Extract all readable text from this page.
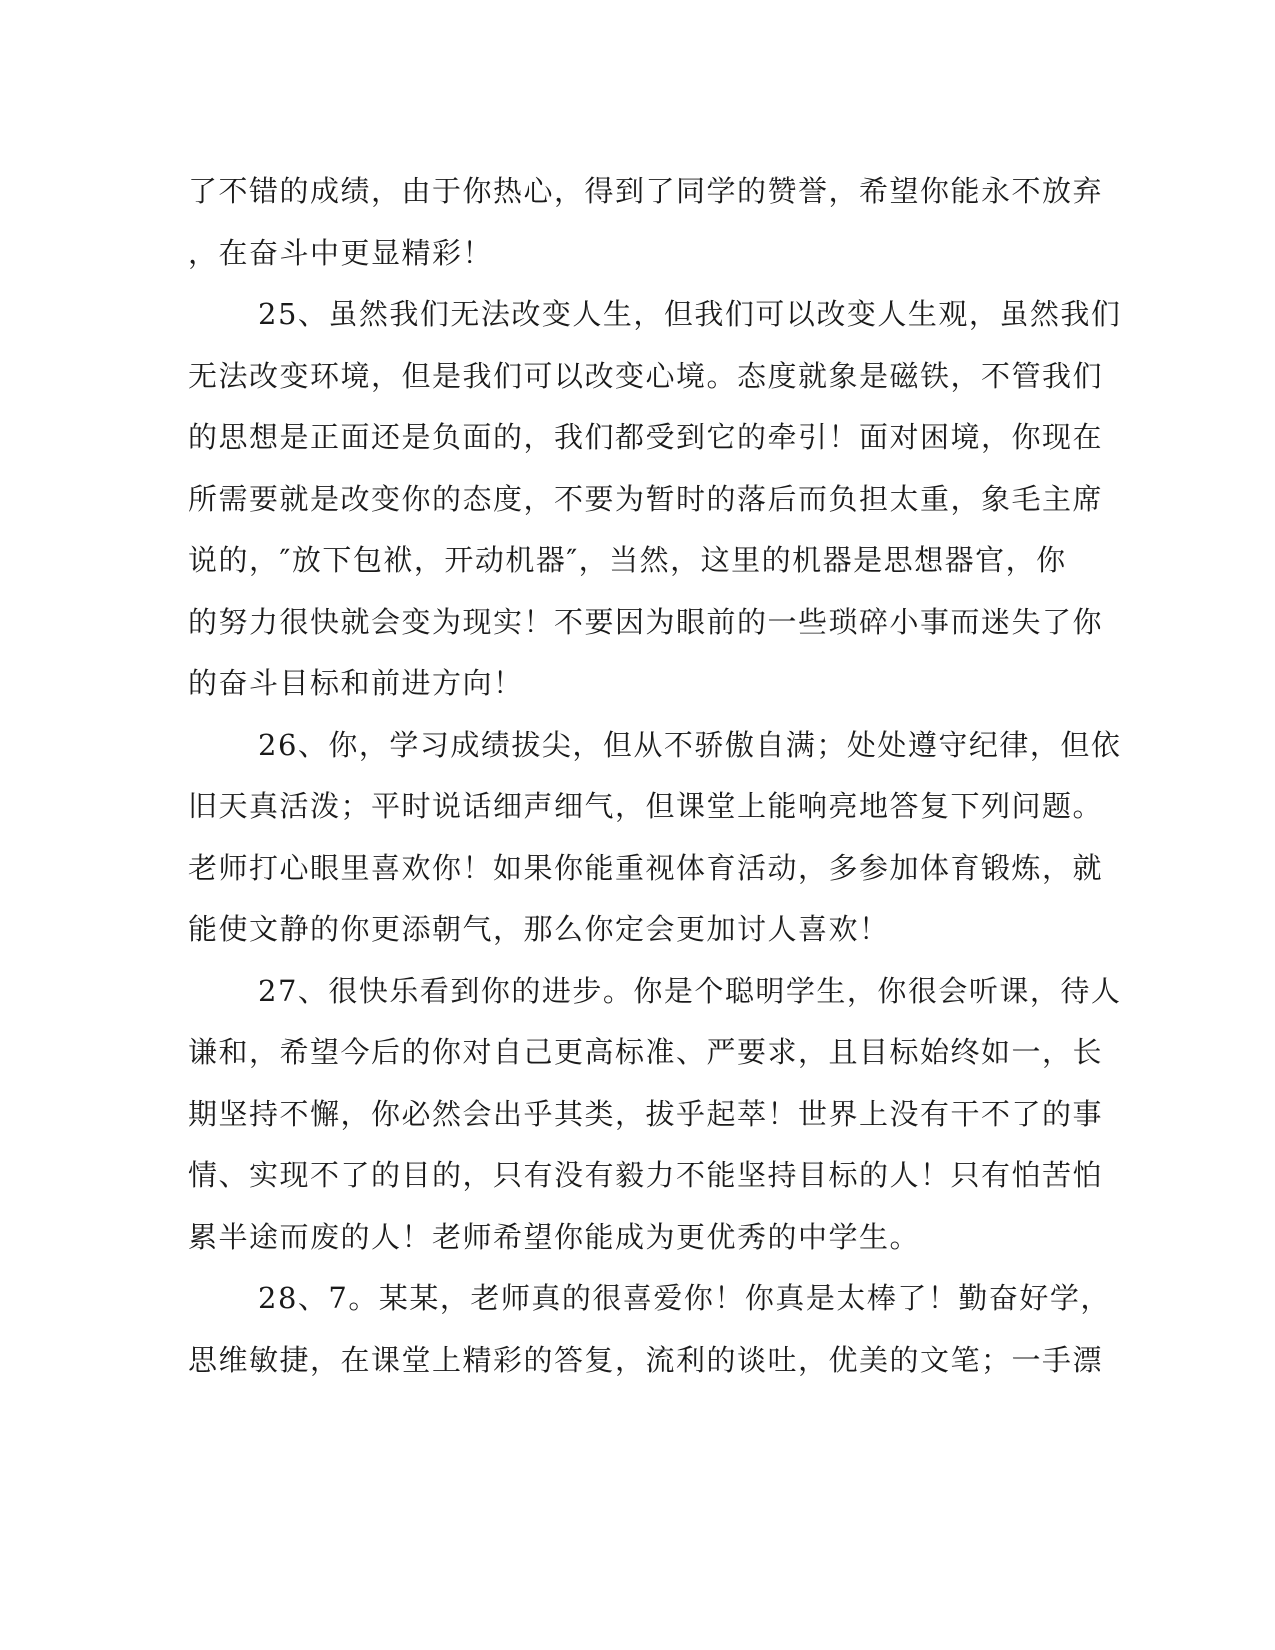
了不错的成绩，由于你热心，得到了同学的赞誉，希望你能永不放弃
，在奋斗中更显精彩！
25、虽然我们无法改变人生，但我们可以改变人生观，虽然我们
无法改变环境，但是我们可以改变心境。态度就象是磁铁，不管我们
的思想是正面还是负面的，我们都受到它的牵引！面对困境，你现在
所需要就是改变你的态度，不要为暂时的落后而负担太重，象毛主席
说的，″放下包袱，开动机器″，当然，这里的机器是思想器官，你
的努力很快就会变为现实！不要因为眼前的一些琐碎小事而迷失了你
的奋斗目标和前进方向！
26、你，学习成绩拔尖，但从不骄傲自满；处处遵守纪律，但依
旧天真活泼；平时说话细声细气，但课堂上能响亮地答复下列问题。
老师打心眼里喜欢你！如果你能重视体育活动，多参加体育锻炼，就
能使文静的你更添朝气，那么你定会更加讨人喜欢！
27、很快乐看到你的进步。你是个聪明学生，你很会听课，待人
谦和，希望今后的你对自己更高标准、严要求，且目标始终如一，长
期坚持不懈，你必然会出乎其类，拔乎起萃！世界上没有干不了的事
情、实现不了的目的，只有没有毅力不能坚持目标的人！只有怕苦怕
累半途而废的人！老师希望你能成为更优秀的中学生。
28、7。某某，老师真的很喜爱你！你真是太棒了！勤奋好学，
思维敏捷，在课堂上精彩的答复，流利的谈吐，优美的文笔；一手漂
